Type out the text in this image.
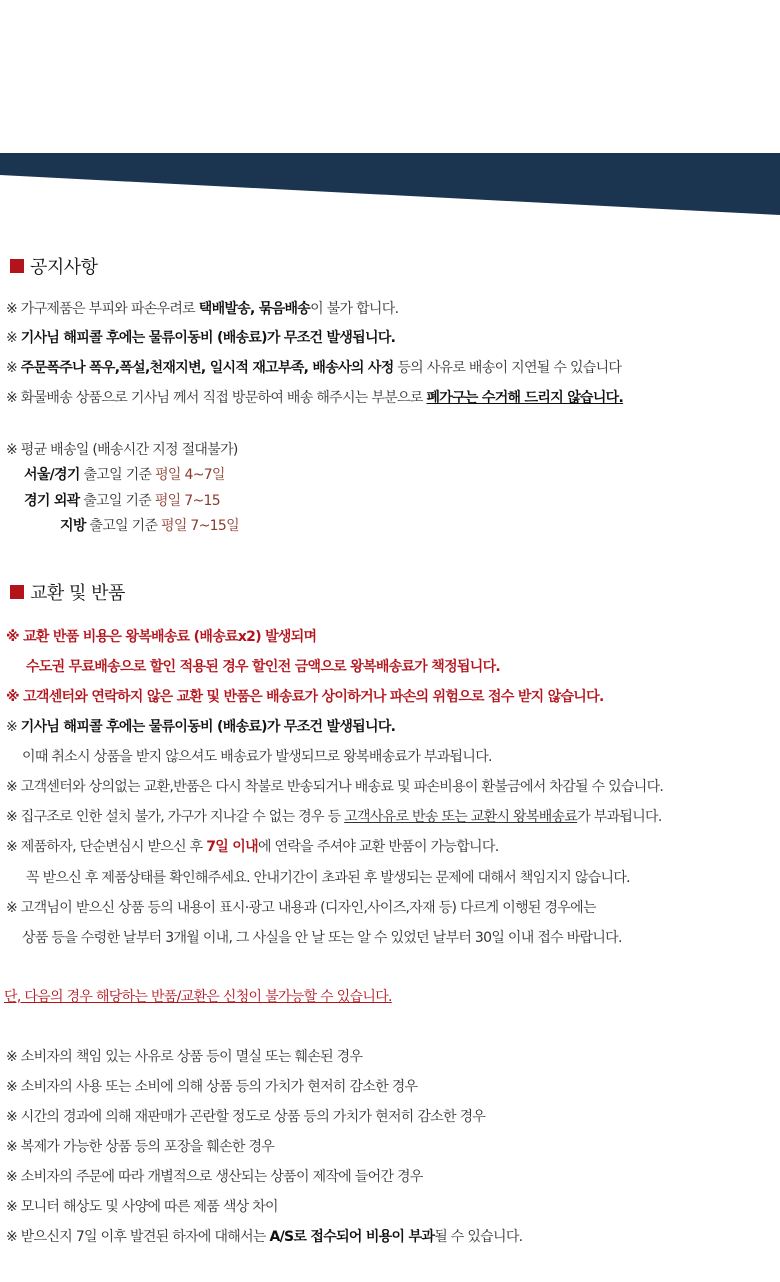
공지사항
※ 가구제품은 부피와 파손우려로 택배발송, 묶음배송이 불가 합니다.
※ 기사님 해피콜 후에는 물류이동비 (배송료)가 무조건 발생됩니다.
※ 주문폭주나 폭우,폭설,천재지변, 일시적 재고부족, 배송사의 사정 등의 사유로 배송이 지연될 수 있습니다
※ 화물배송 상품으로 기사님 께서 직접 방문하여 배송 해주시는 부분으로 폐가구는 수거해 드리지 않습니다.
※ 평균 배송일 (배송시간 지정 절대불가)
서울/경기 출고일 기준 평일 4~7일
경기 외곽 출고일 기준 평일 7~15
지방 출고일 기준 평일 7~15일
교환 및 반품
※ 교환 반품 비용은 왕복배송료 (배송료x2) 발생되며
수도권 무료배송으로 할인 적용된 경우 할인전 금액으로 왕복배송료가 책정됩니다.
※ 고객센터와 연락하지 않은 교환 및 반품은 배송료가 상이하거나 파손의 위험으로 접수 받지 않습니다.
※ 기사님 해피콜 후에는 물류이동비 (배송료)가 무조건 발생됩니다.
이때 취소시 상품을 받지 않으셔도 배송료가 발생되므로 왕복배송료가 부과됩니다.
※ 고객센터와 상의없는 교환,반품은 다시 착불로 반송되거나 배송료 및 파손비용이 환불금에서 차감될 수 있습니다.
※ 집구조로 인한 설치 불가, 가구가 지나갈 수 없는 경우 등 고객사유로 반송 또는 교환시 왕복배송료가 부과됩니다.
※ 제품하자, 단순변심시 받으신 후 7일 이내에 연락을 주셔야 교환 반품이 가능합니다.
꼭 받으신 후 제품상태를 확인해주세요. 안내기간이 초과된 후 발생되는 문제에 대해서 책임지지 않습니다.
※ 고객님이 받으신 상품 등의 내용이 표시·광고 내용과 (디자인,사이즈,자재 등) 다르게 이행된 경우에는
상품 등을 수령한 날부터 3개월 이내, 그 사실을 안 날 또는 알 수 있었던 날부터 30일 이내 접수 바랍니다.
단, 다음의 경우 해당하는 반품/교환은 신청이 불가능할 수 있습니다.
※ 소비자의 책임 있는 사유로 상품 등이 멸실 또는 훼손된 경우
※ 소비자의 사용 또는 소비에 의해 상품 등의 가치가 현저히 감소한 경우
※ 시간의 경과에 의해 재판매가 곤란할 정도로 상품 등의 가치가 현저히 감소한 경우
※ 복제가 가능한 상품 등의 포장을 훼손한 경우
※ 소비자의 주문에 따라 개별적으로 생산되는 상품이 제작에 들어간 경우
※ 모니터 해상도 및 사양에 따른 제품 색상 차이
※ 받으신지 7일 이후 발견된 하자에 대해서는 A/S로 접수되어 비용이 부과될 수 있습니다.
